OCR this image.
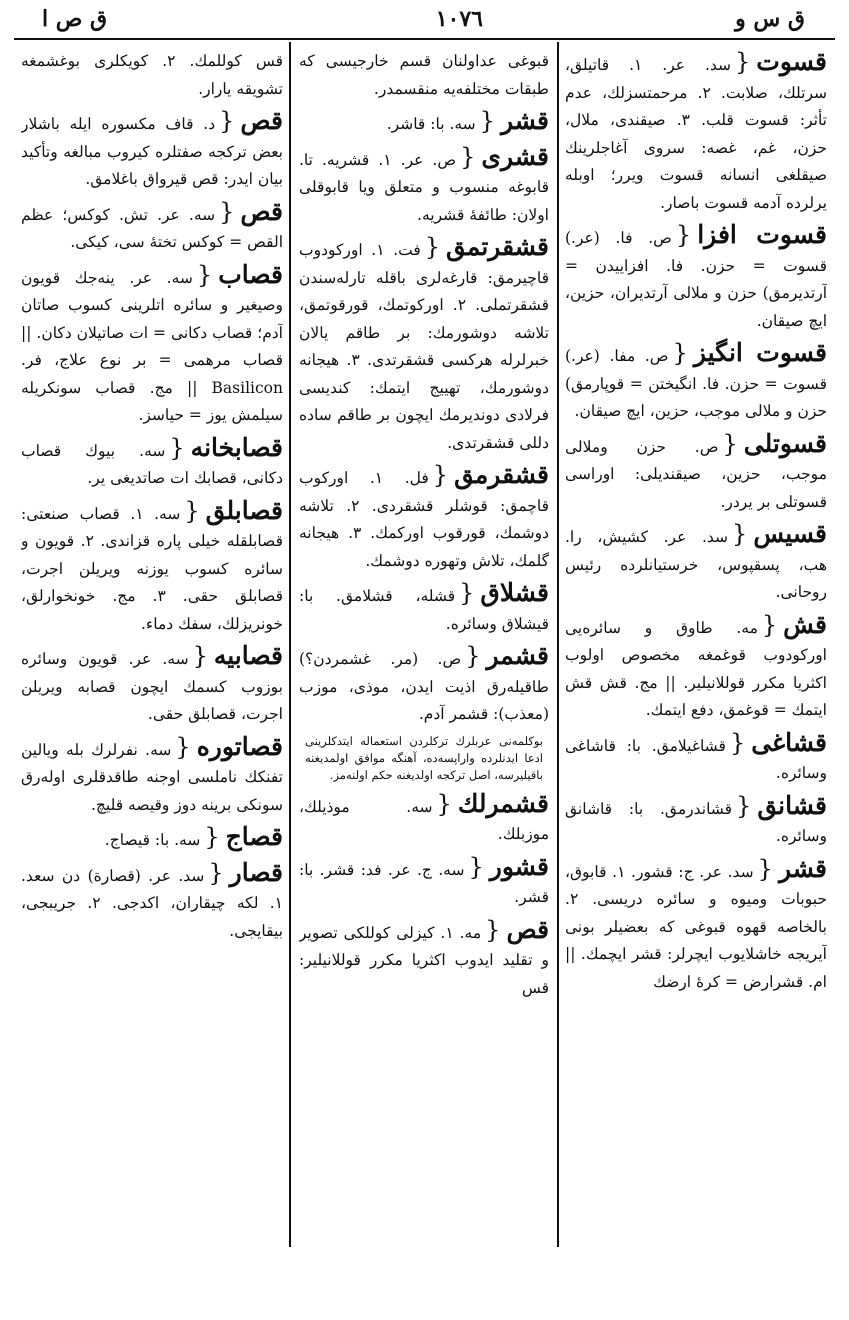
ق س و
١٠٧٦
ق ص ا
قسوت{سد. عر. ١. قاتيلق، سرتلك، صلابت. ٢. مرحمتسزلك، عدم تأثر: قسوت قلب. ٣. صيقندى، ملال، حزن، غم، غصه: سروى آغاجلرينك صيقلغى انسانه قسوت ويرر؛ اوبله يرلرده آدمه قسوت باصار.
قسوت افزا{ص. فا. (عر.) قسوت = حزن. فا. افزاييدن = آرتديرمق) حزن و ملالى آرتديران، حزين، ايچ صيقان.
قسوت انگيز{ص. مفا. (عر.) قسوت = حزن. فا. انگيختن = قوپارمق) حزن و ملالى موجب، حزين، ايچ صيقان.
قسوتلى{ص. حزن وملالى موجب، حزين، صيقنديلى: اوراسى قسوتلى بر يردر.
قسيس{سد. عر. كشيش، را. هب، پسقپوس، خرستيانلرده رئيس روحانى.
قش{مه. طاوق و سائره‌يى اوركودوب قوغمغه مخصوص اولوب اكثريا مكرر قوللانيلير. || مج. قش قش ايتمك = قوغمق، دفع ايتمك.
قشاغى{قشاغيلامق. با: قاشاغى وسائره.
قشانق{قشاندرمق. با: قاشانق وسائره.
قشر{سد. عر. ج: قشور. ١. قابوق، حبوبات وميوه و سائره دريسى. ٢. بالخاصه قهوه قبوغى كه بعضيلر بونى آيريجه خاشلايوب ايچرلر: قشر ايچمك. || ام. قشرارض = كرهٔ ارضك
قبوغى عداولنان قسم خارجيسى كه طبقات مختلفه‌يه منقسمدر.
قشر{سه. با: قاشر.
قشرى{ص. عر. ١. قشريه. تا. قابوغه منسوب و متعلق ويا قابوقلى اولان: طائفهٔ قشريه.
قشقرتمق{فت. ١. اوركودوب قاچيرمق: قارغه‌لرى باقله تارله‌سندن قشقرتملى. ٢. اوركوتمك، قورقوتمق، تلاشه دوشورمك: بر طاقم يالان خبرلرله هركسى قشقرتدى. ٣. هيجانه دوشورمك، تهييج ايتمك: كنديسى فرلادى دونديرمك ايچون بر طاقم ساده دللى قشقرتدى.
قشقرمق{فل. ١. اوركوب قاچمق: قوشلر قشقردى. ٢. تلاشه دوشمك، قورقوب اوركمك. ٣. هيجانه گلمك، تلاش وتهوره دوشمك.
قشلاق{قشله، قشلامق. با: قيشلاق وسائره.
قشمر{ص. (مر. غشمردن؟) طاقيله‌رق اذيت ايدن، موذى، موزب (معذب): قشمر آدم.
بوكلمه‌نى عربلرك تركلردن استعماله ايتدكلرينى ادعا ايدنلرده واراپسه‌ده، آهنگه موافق اولمديغنه باقيليرسه، اصل تركجه اولديغنه حكم اولنه‌مز.
قشمرلك{سه. موذيلك، موزبلك.
قشور{سه. ج. عر. فد: قشر. با: قشر.
قص{مه. ١. كيزلى كوللكى تصوير و تقليد ايدوب اكثريا مكرر قوللانيلير: قس
قس كوللمك. ٢. كويكلرى بوغشمغه تشويقه يارار.
قص{د. قاف مكسوره ايله باشلار بعض تركجه صفتلره كيروب مبالغه وتأكيد بيان ايدر: قص قيرواق باغلامق.
قص{سه. عر. تش. كوكس؛ عظم القص = كوكس تختهٔ سى، كيكى.
قصاب{سه. عر. ينه‌جك قويون وصيغير و سائره اتلرينى كسوب صاتان آدم؛ قصاب دكانى = ات صاتيلان دكان. || قصاب مرهمى = بر نوع علاج، فر. Basilicon || مج. قصاب سونكريله سيلمش يوز = حياسز.
قصابخانه{سه. بيوك قصاب دكانى، قصابك ات صاتديغى ير.
قصابلق{سه. ١. قصاب صنعتى: قصابلقله خيلى پاره قزاندى. ٢. قويون و سائره كسوب يوزنه ويريلن اجرت، قصابلق حقى. ٣. مج. خونخوارلق، خونريزلك، سفك دماء.
قصابيه{سه. عر. قويون وسائره بوزوب كسمك ايچون قصابه ويريلن اجرت، قصابلق حقى.
قصاتوره{سه. نفرلرك بله ويالين تفنكك ناملسى اوجنه طاقدقلرى اوله‌رق سونكى برينه دوز وقيصه قليچ.
قصاج{سه. با: قيصاج.
قصار{سد. عر. (قصارة) دن سعد. ١. لكه چيقاران، اكدجى. ٢. جريبجى، بيقايجى.
